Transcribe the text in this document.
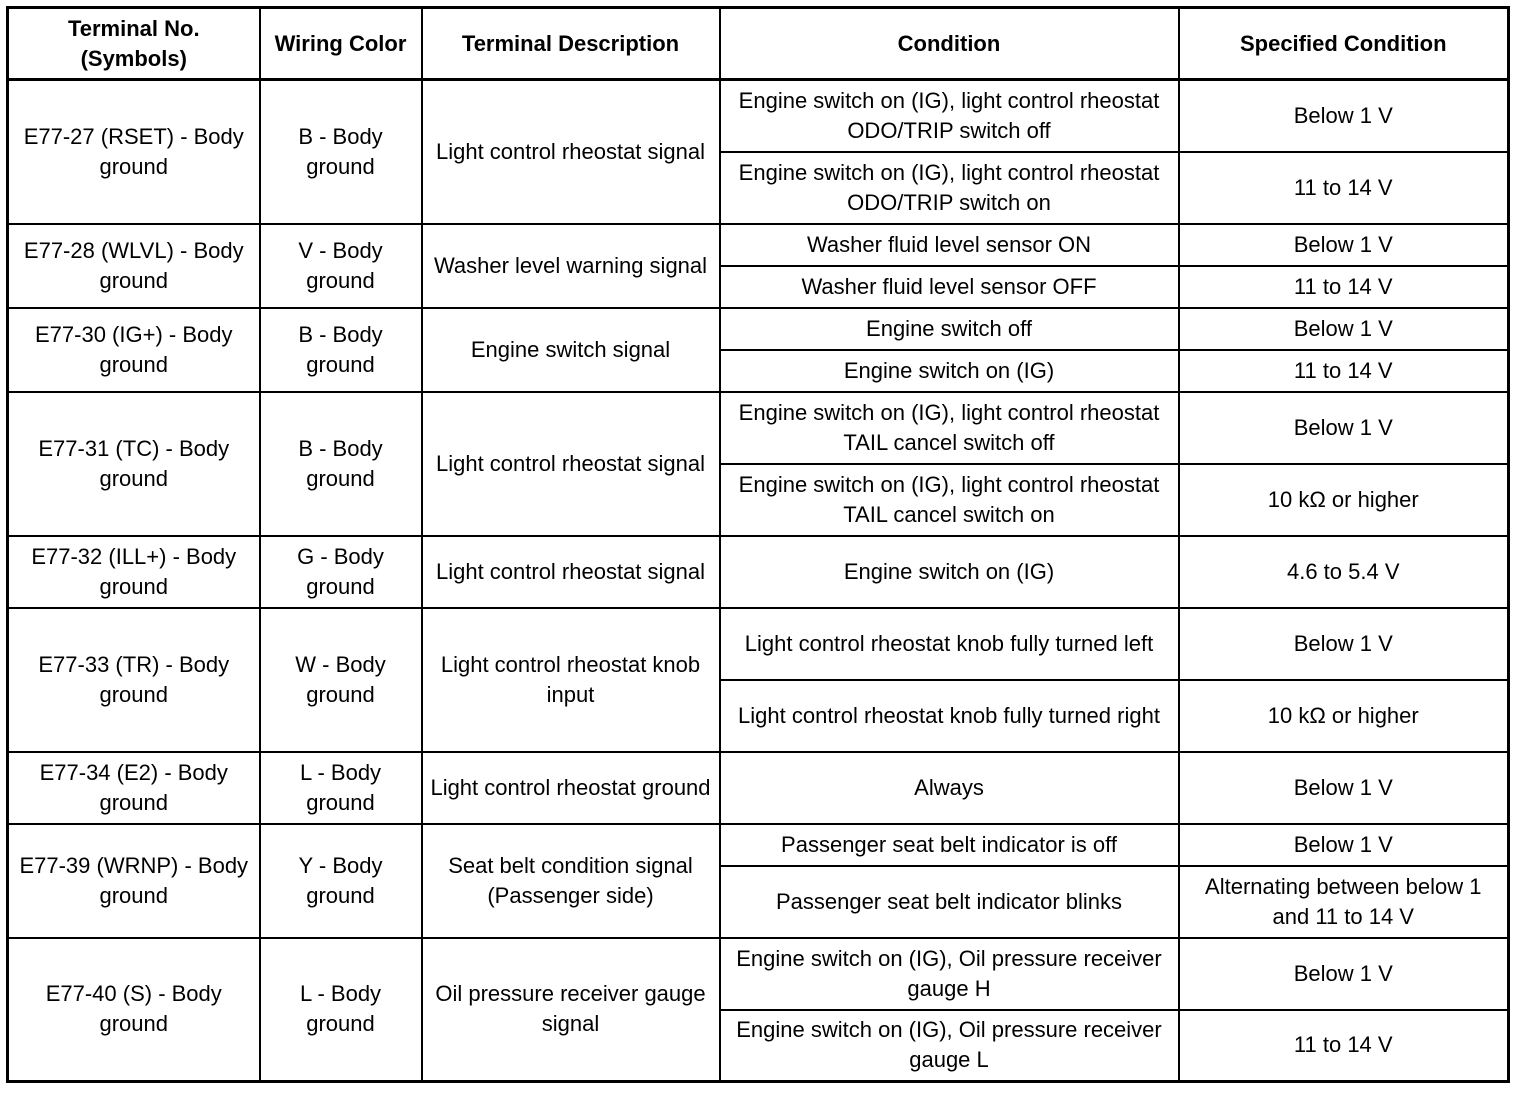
Terminal No. (Symbols)	Wiring Color	Terminal Description	Condition	Specified Condition
E77-27 (RSET) - Body ground	B - Body ground	Light control rheostat signal	Engine switch on (IG), light control rheostat ODO/TRIP switch off	Below 1 V
			Engine switch on (IG), light control rheostat ODO/TRIP switch on	11 to 14 V
E77-28 (WLVL) - Body ground	V - Body ground	Washer level warning signal	Washer fluid level sensor ON	Below 1 V
			Washer fluid level sensor OFF	11 to 14 V
E77-30 (IG+) - Body ground	B - Body ground	Engine switch signal	Engine switch off	Below 1 V
			Engine switch on (IG)	11 to 14 V
E77-31 (TC) - Body ground	B - Body ground	Light control rheostat signal	Engine switch on (IG), light control rheostat TAIL cancel switch off	Below 1 V
			Engine switch on (IG), light control rheostat TAIL cancel switch on	10 kΩ or higher
E77-32 (ILL+) - Body ground	G - Body ground	Light control rheostat signal	Engine switch on (IG)	4.6 to 5.4 V
E77-33 (TR) - Body ground	W - Body ground	Light control rheostat knob input	Light control rheostat knob fully turned left	Below 1 V
			Light control rheostat knob fully turned right	10 kΩ or higher
E77-34 (E2) - Body ground	L - Body ground	Light control rheostat ground	Always	Below 1 V
E77-39 (WRNP) - Body ground	Y - Body ground	Seat belt condition signal (Passenger side)	Passenger seat belt indicator is off	Below 1 V
			Passenger seat belt indicator blinks	Alternating between below 1 and 11 to 14 V
E77-40 (S) - Body ground	L - Body ground	Oil pressure receiver gauge signal	Engine switch on (IG), Oil pressure receiver gauge H	Below 1 V
			Engine switch on (IG), Oil pressure receiver gauge L	11 to 14 V
